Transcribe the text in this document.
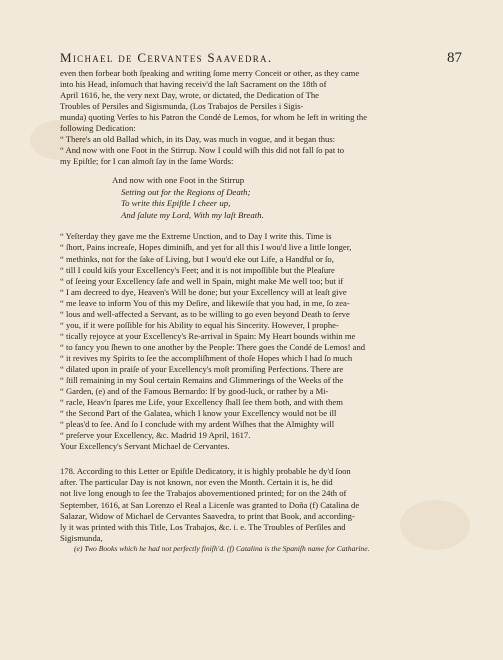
Michael de Cervantes Saavedra.	87

even then forbear both ſpeaking and writing ſome merry Conceit or other, as they came

into his Head, inſomuch that having receiv'd the laſt Sacrament on the 18th of

April 1616, he, the very next Day, wrote, or dictated, the Dedication of The

Troubles of Persiles and Sigismunda, (Los Trabajos de Persiles i Sigis-

munda) quoting Verſes to his Patron the Condé de Lemos, for whom he left in writing the

following Dedication:

“ There's an old Ballad which, in its Day, was much in vogue, and it began thus:

“ And now with one Foot in the Stirrup. Now I could wiſh this did not fall ſo pat to

my Epiſtle; for I can almoſt ſay in the ſame Words:

And now with one Foot in the Stirrup
Setting out for the Regions of Death;
To write this Epiſtle I cheer up,
And ſalute my Lord, With my laſt Breath.

“ Yeſterday they gave me the Extreme Unction, and to Day I write this. Time is

“ ſhort, Pains increaſe, Hopes diminiſh, and yet for all this I wou'd live a little longer,

“ methinks, not for the ſake of Living, but I wou'd eke out Life, a Handful or ſo,

“ till I could kiſs your Excellency's Feet; and it is not impoſſible but the Pleaſure

“ of ſeeing your Excellency ſafe and well in Spain, might make Me well too; but if

“ I am decreed to dye, Heaven's Will be done; but your Excellency will at leaſt give

“ me leave to inform You of this my Deſire, and likewiſe that you had, in me, ſo zea-

“ lous and well-affected a Servant, as to be willing to go even beyond Death to ſerve

“ you, if it were poſſible for his Ability to equal his Sincerity. However, I prophe-

“ tically rejoyce at your Excellency's Re-arrival in Spain: My Heart bounds within me

“ to fancy you ſhewn to one another by the People: There goes the Condé de Lemos! and

“ it revives my Spirits to ſee the accompliſhment of thoſe Hopes which I had ſo much

“ dilated upon in praiſe of your Excellency's moſt promiſing Perfections. There are

“ ſtill remaining in my Soul certain Remains and Glimmerings of the Weeks of the

“ Garden, (e) and of the Famous Bernardo: If by good-luck, or rather by a Mi-

“ racle, Heav'n ſpares me Life, your Excellency ſhall ſee them both, and with them

“ the Second Part of the Galatea, which I know your Excellency would not be ill

“ pleas'd to ſee. And ſo I conclude with my ardent Wiſhes that the Almighty will

“ preſerve your Excellency, &c. Madrid 19 April, 1617.

Your Excellency's Servant Michael de Cervantes.

178. According to this Letter or Epiſtle Dedicatory, it is highly probable he dy'd ſoon

after. The particular Day is not known, nor even the Month. Certain it is, he did

not live long enough to ſee the Trabajos abovementioned printed; for on the 24th of

September, 1616, at San Lorenzo el Real a Licenſe was granted to Doña (f) Catalina de

Salazar, Widow of Michael de Cervantes Saavedra, to print that Book, and according-

ly it was printed with this Title, Los Trabajos, &c. i. e. The Troubles of Perſiles and

Sigismunda,

(e) Two Books which he had not perfectly finiſh'd. (f) Catalina is the Spaniſh name for Catharine.
